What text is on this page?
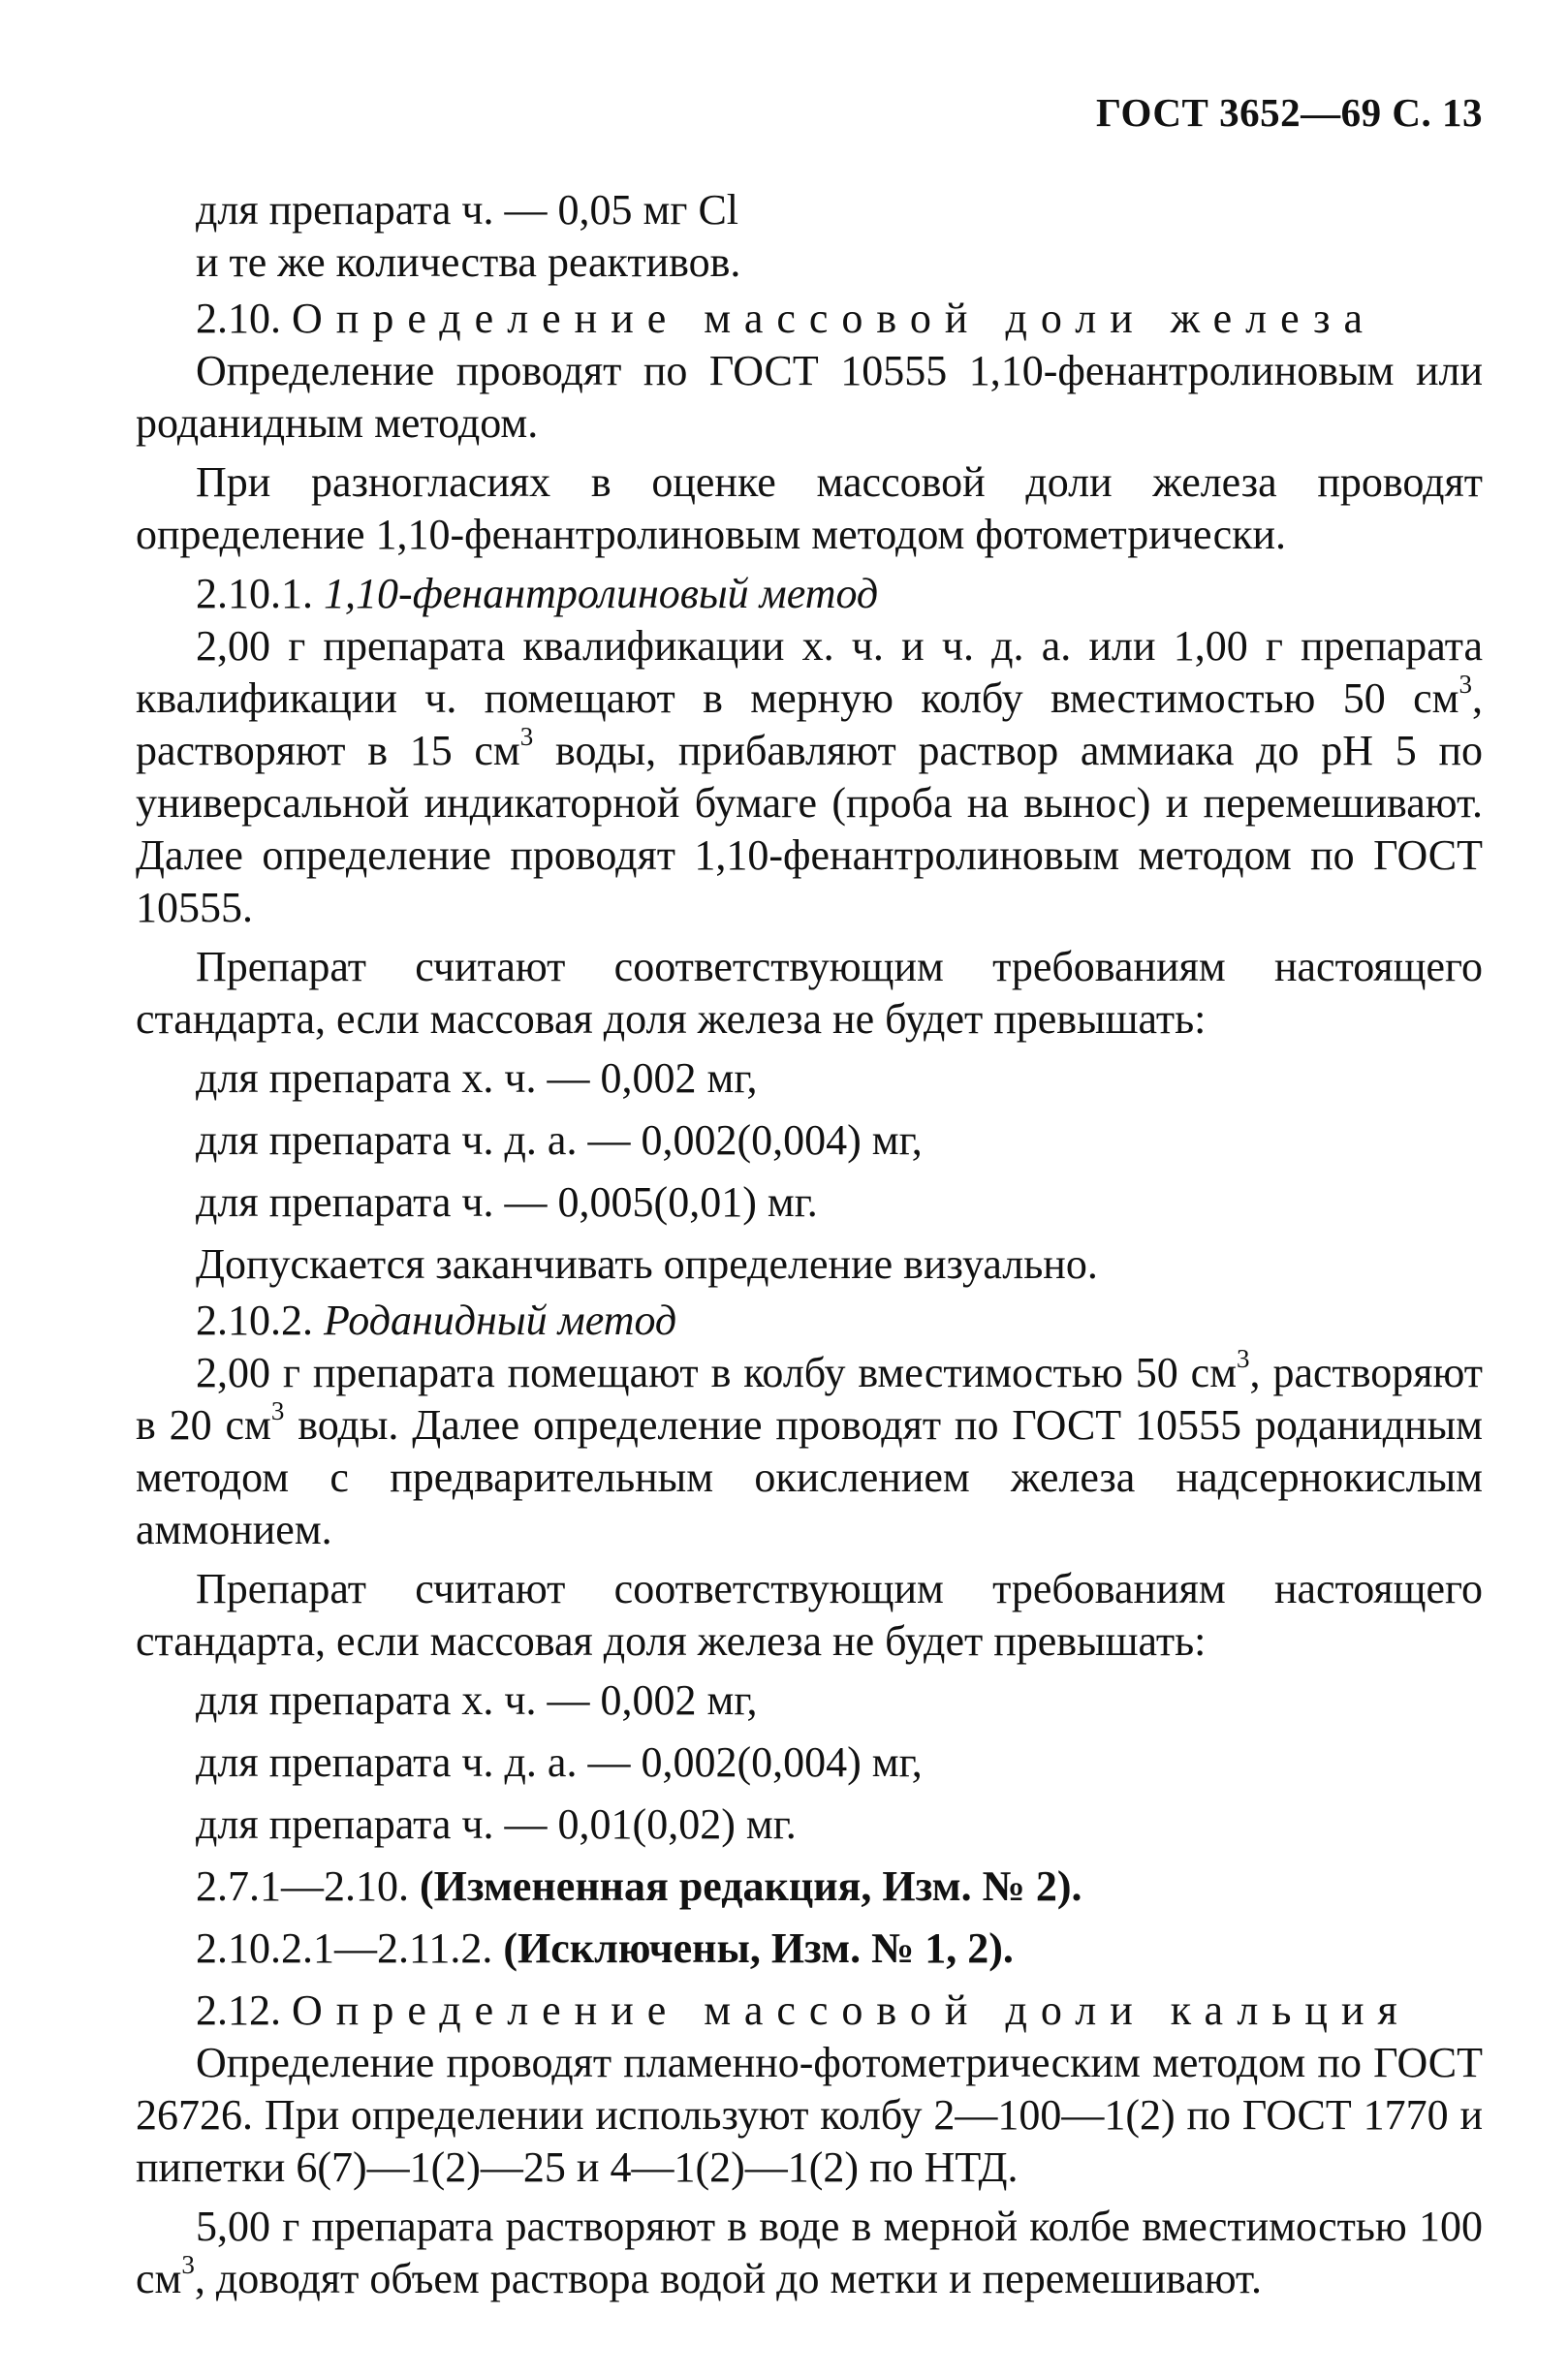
ГОСТ 3652—69 С. 13
для препарата ч. — 0,05 мг Cl
и те же количества реактивов.
2.10. Определение массовой доли железа

Определение проводят по ГОСТ 10555 1,10-фенантролиновым или роданидным методом.

При разногласиях в оценке массовой доли железа проводят определение 1,10-фенантролиновым методом фотометрически.

2.10.1. 1,10-фенантролиновый метод

2,00 г препарата квалификации х. ч. и ч. д. а. или 1,00 г препарата квалификации ч. помещают в мерную колбу вместимостью 50 $см^3$, растворяют в 15 $см^3$ воды, прибавляют раствор аммиака до pH 5 по универсальной индикаторной бумаге (проба на вынос) и перемешивают. Далее определение проводят 1,10-фенантролиновым методом по ГОСТ 10555.

Препарат считают соответствующим требованиям настоящего стандарта, если массовая доля железа не будет превышать:

для препарата х. ч. — 0,002 мг,
для препарата ч. д. а. — 0,002(0,004) мг,
для препарата ч. — 0,005(0,01) мг.
Допускается заканчивать определение визуально.
2.10.2. Роданидный метод

2,00 г препарата помещают в колбу вместимостью 50 $см^3$, растворяют в 20 $см^3$ воды. Далее определение проводят по ГОСТ 10555 роданидным методом с предварительным окислением железа надсернокислым аммонием.

Препарат считают соответствующим требованиям настоящего стандарта, если массовая доля железа не будет превышать:

для препарата х. ч. — 0,002 мг,
для препарата ч. д. а. — 0,002(0,004) мг,
для препарата ч. — 0,01(0,02) мг.
2.7.1—2.10. (Измененная редакция, Изм. № 2).
2.10.2.1—2.11.2. (Исключены, Изм. № 1, 2).
2.12. Определение массовой доли кальция

Определение проводят пламенно-фотометрическим методом по ГОСТ 26726. При определении используют колбу 2—100—1(2) по ГОСТ 1770 и пипетки 6(7)—1(2)—25 и 4—1(2)—1(2) по НТД.

5,00 г препарата растворяют в воде в мерной колбе вместимостью 100 $см^3$, доводят объем раствора водой до метки и перемешивают.
